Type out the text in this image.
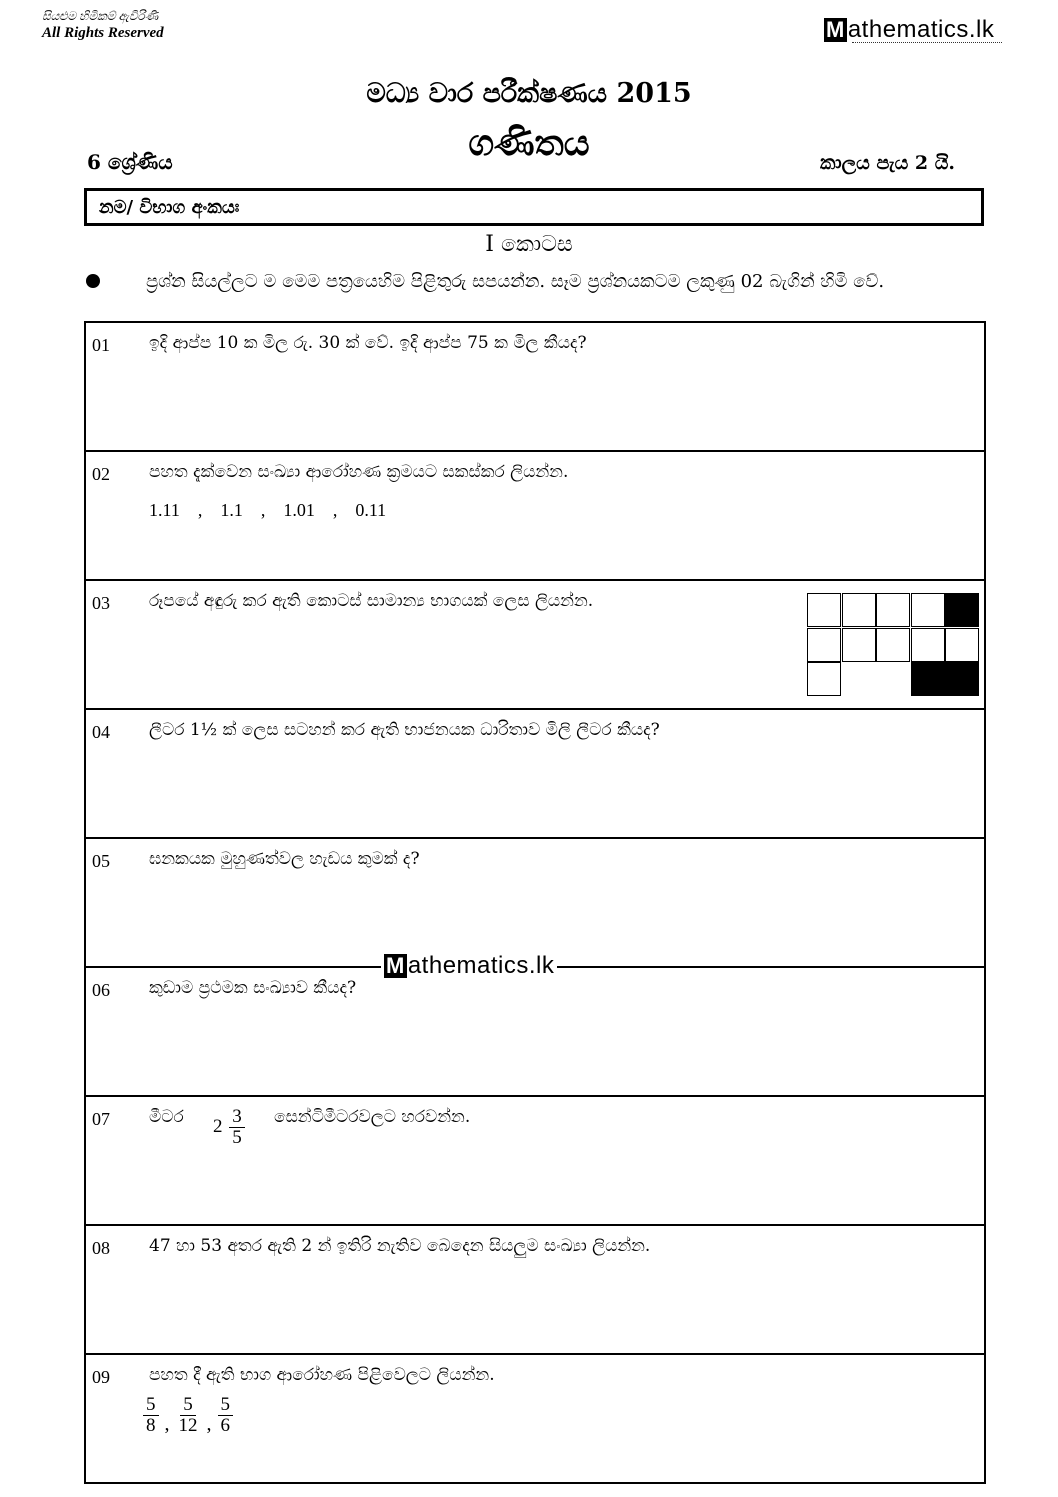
සියළුම හිමිකම් ඇවිරිණි
All Rights Reserved	M athematics.lk
මධ්‍ය වාර පරීක්ෂණය 2015
ගණිතය
6 ශ්‍රේණිය	කාලය පැය 2 යි.
නම/ විභාග අංකයඃ
I කොටස
ප්‍රශ්න සියල්ලට ම මෙම පත්‍රයෙහිම පිළිතුරු සපයන්න. සෑම ප්‍රශ්නයකටම ලකුණු 02 බැගින් හිමි වේ.
01 ඉදි ආප්ප 10 ක මිල රු. 30 ක් වේ. ඉදි ආප්ප 75 ක මිල කීයද?
02 පහත දැක්වෙන සංඛ්‍යා ආරෝහණ ක්‍රමයට සකස්කර ලියන්න.
1.11    ,    1.1    ,    1.01    ,    0.11
03 රූපයේ අඳුරු කර ඇති කොටස් සාමාන්‍ය භාගයක් ලෙස ලියන්න.
04 ලීටර 1½ ක් ලෙස සටහන් කර ඇති භාජනයක ධාරිතාව මිලි ලීටර කීයද?
05 ඝනකයක මුහුණත්වල හැඩය කුමක් ද?
06 කුඩාම ප්‍රථමක සංඛ්‍යාව කීයද?
07 මීටර $2 \frac{3}{5}$ සෙන්ටිමීටරවලට හරවන්න.
08 47 හා 53 අතර ඇති 2 න් ඉතිරි නැතිව බෙදෙන සියලුම සංඛ්‍යා ලියන්න.
09 පහත දී ඇති භාග ආරෝහණ පිළිවෙලට ලියන්න.
$\frac{5}{8}$ , $\frac{5}{12}$ , $\frac{5}{6}$
M athematics.lk
